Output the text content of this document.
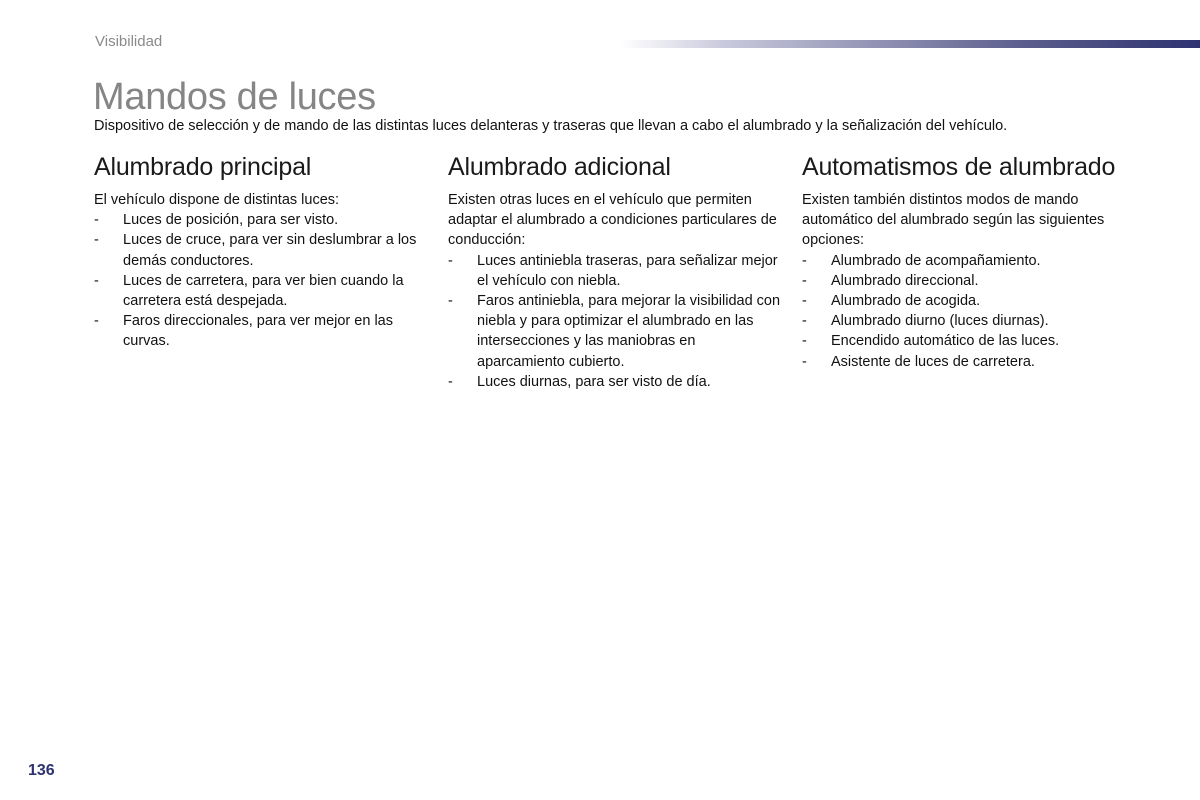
Visibilidad
Mandos de luces

Dispositivo de selección y de mando de las distintas luces delanteras y traseras que llevan a cabo el alumbrado y la señalización del vehículo.

Alumbrado principal

El vehículo dispone de distintas luces:

- Luces de posición, para ser visto.
- Luces de cruce, para ver sin deslumbrar a los demás conductores.
- Luces de carretera, para ver bien cuando la carretera está despejada.
- Faros direccionales, para ver mejor en las curvas.
Alumbrado adicional

Existen otras luces en el vehículo que permiten adaptar el alumbrado a condiciones particulares de conducción:

- Luces antiniebla traseras, para señalizar mejor el vehículo con niebla.
- Faros antiniebla, para mejorar la visibilidad con niebla y para optimizar el alumbrado en las intersecciones y las maniobras en aparcamiento cubierto.
- Luces diurnas, para ser visto de día.
Automatismos de alumbrado

Existen también distintos modos de mando automático del alumbrado según las siguientes opciones:

- Alumbrado de acompañamiento.
- Alumbrado direccional.
- Alumbrado de acogida.
- Alumbrado diurno (luces diurnas).
- Encendido automático de las luces.
- Asistente de luces de carretera.
136
